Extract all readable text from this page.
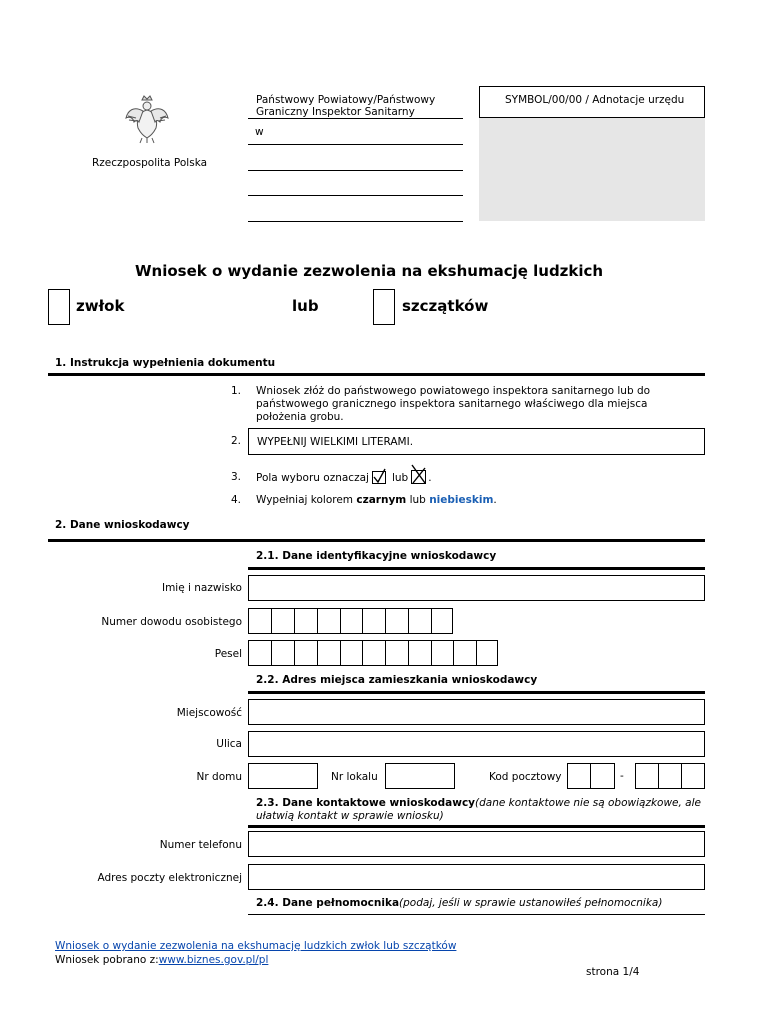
Rzeczpospolita Polska
Państwowy Powiatowy/Państwowy Graniczny Inspektor Sanitarny
w
SYMBOL/00/00 / Adnotacje urzędu
Wniosek o wydanie zezwolenia na ekshumację ludzkich
zwłok	lub	szczątków
1. Instrukcja wypełnienia dokumentu
1. Wniosek złóż do państwowego powiatowego inspektora sanitarnego lub do państwowego granicznego inspektora sanitarnego właściwego dla miejsca położenia grobu.
2.	WYPEŁNIJ WIELKIMI LITERAMI.
3. Pola wyboru oznaczaj lub .
4. Wypełniaj kolorem czarnym lub niebieskim.
2. Dane wnioskodawcy
2.1. Dane identyfikacyjne wnioskodawcy
Imię i nazwisko
Numer dowodu osobistego
Pesel
2.2. Adres miejsca zamieszkania wnioskodawcy
Miejscowość
Ulica
Nr domu	Nr lokalu	Kod pocztowy	-
2.3. Dane kontaktowe wnioskodawcy(dane kontaktowe nie są obowiązkowe, ale ułatwią kontakt w sprawie wniosku)
Numer telefonu
Adres poczty elektronicznej
2.4. Dane pełnomocnika(podaj, jeśli w sprawie ustanowiłeś pełnomocnika)
Wniosek o wydanie zezwolenia na ekshumację ludzkich zwłok lub szczątków
Wniosek pobrano z:www.biznes.gov.pl/pl
strona 1/4
